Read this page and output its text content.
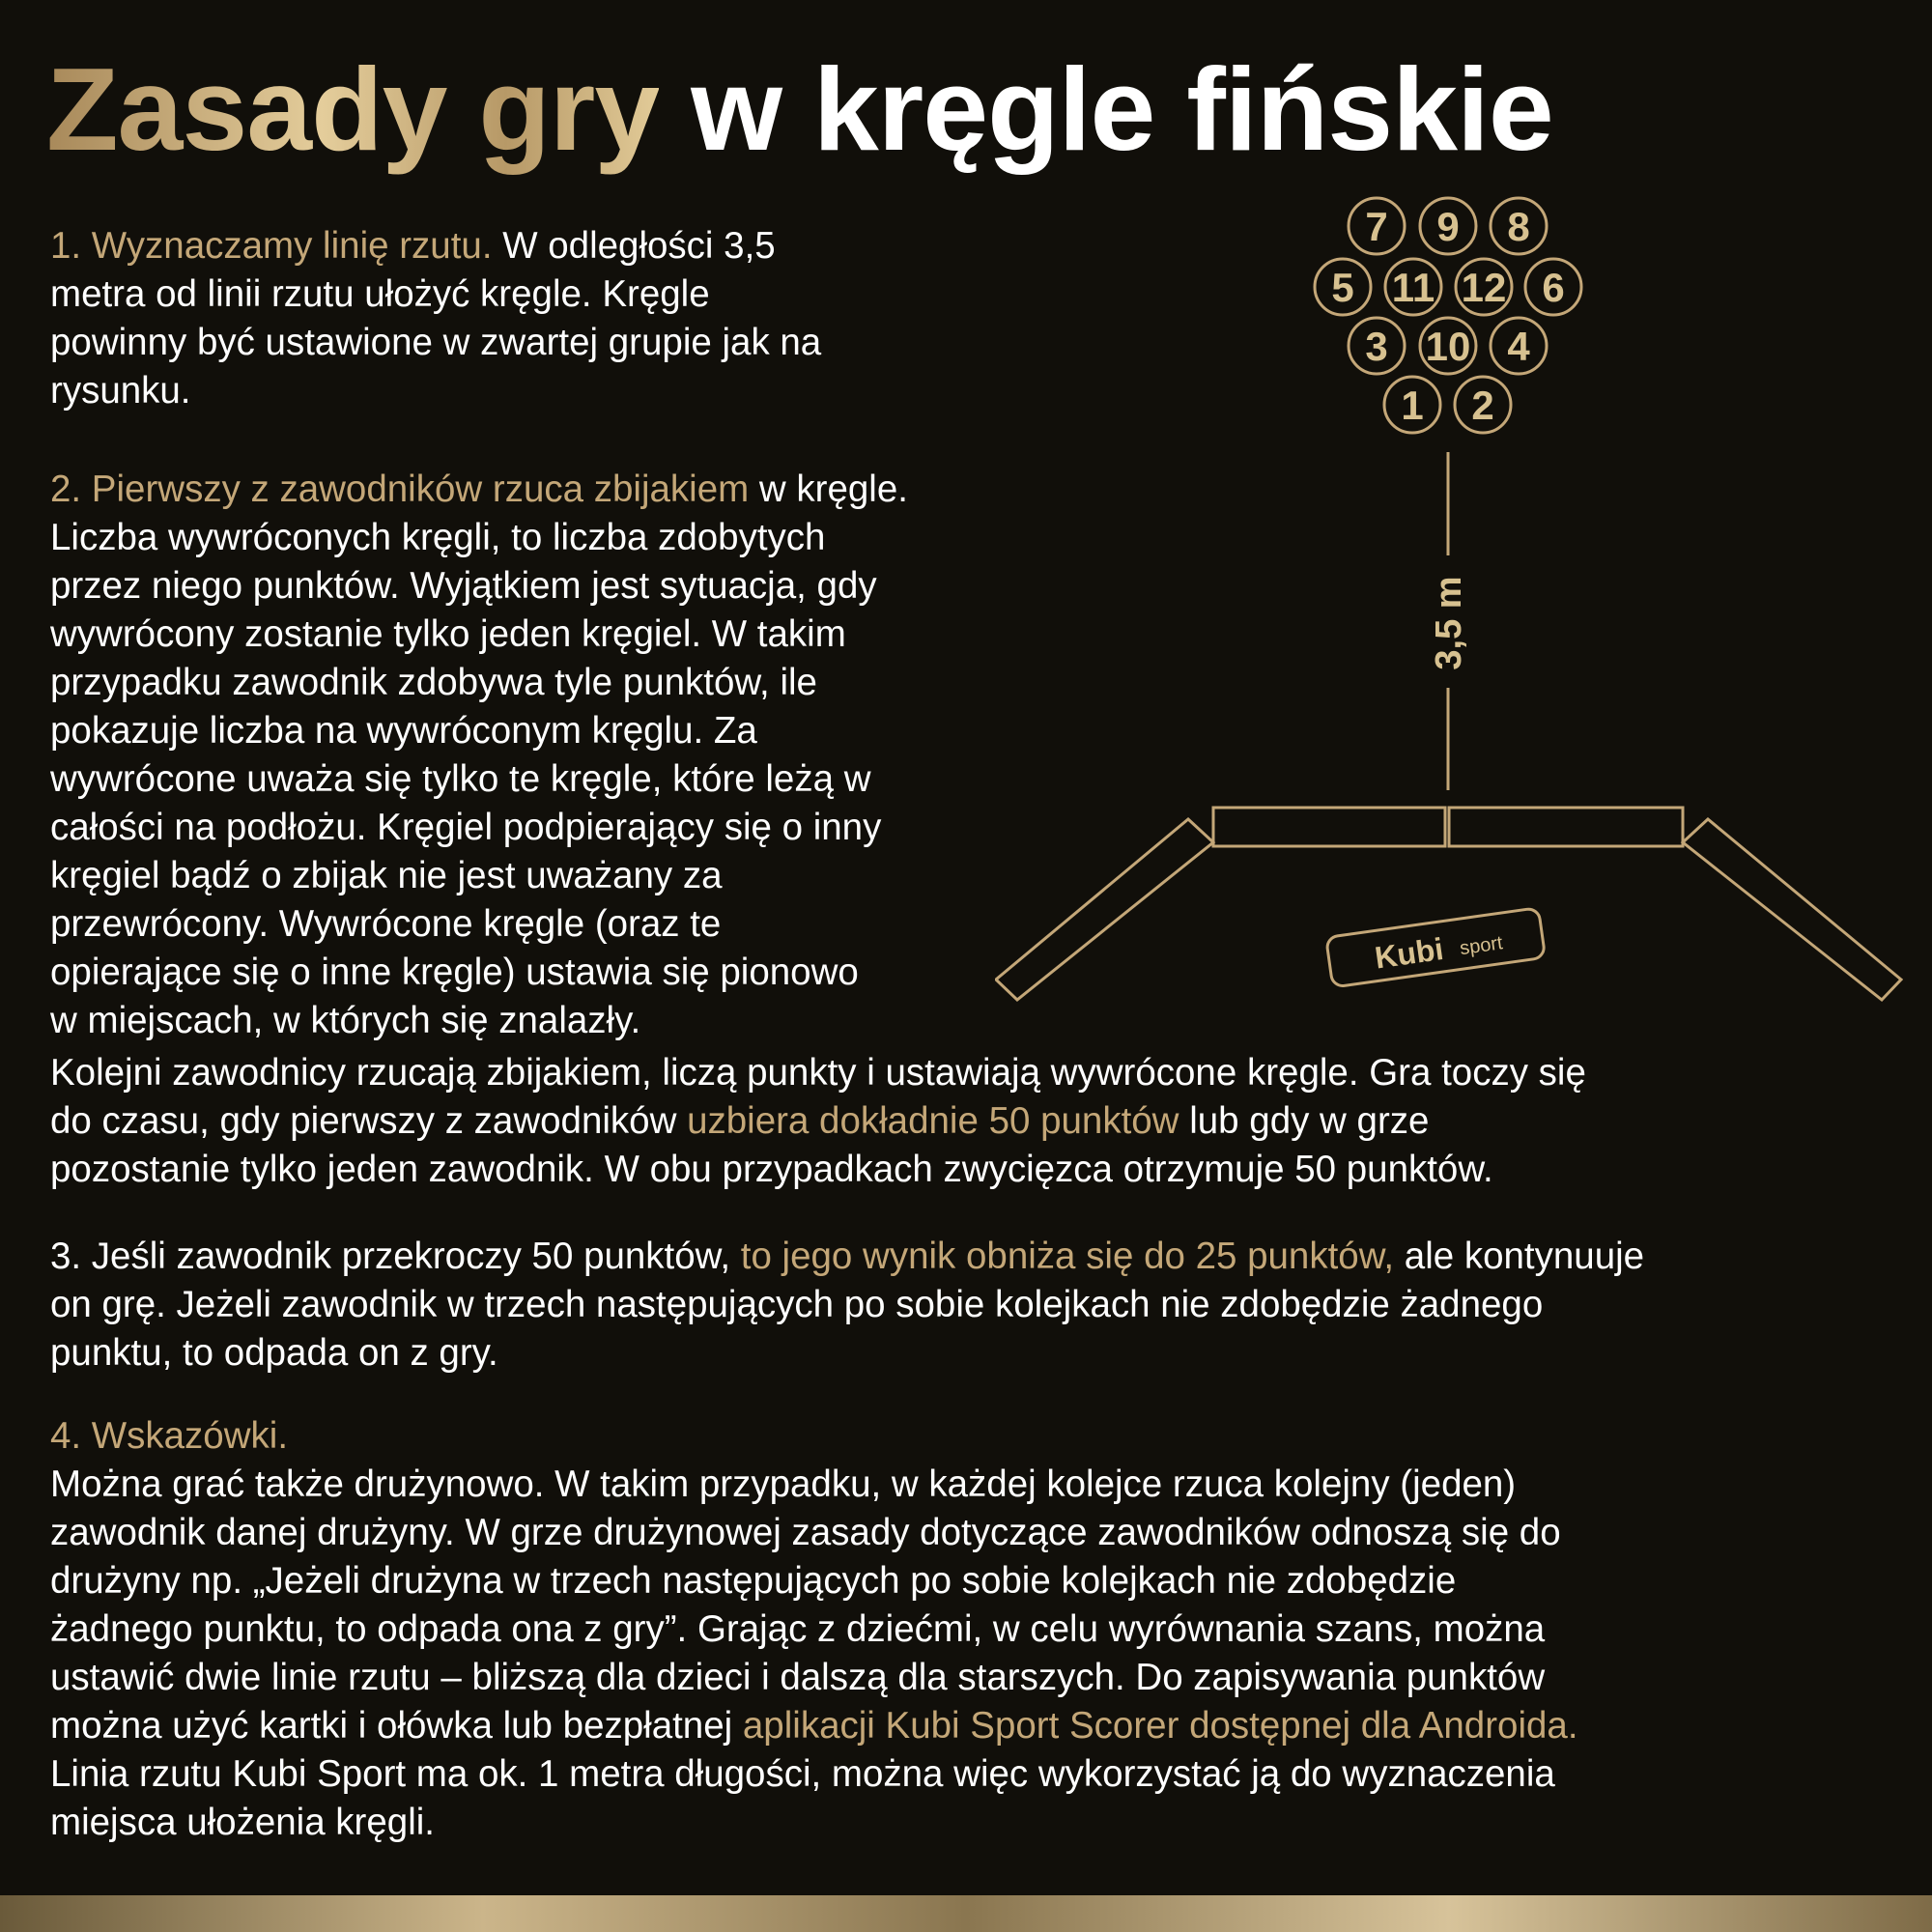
Zasady gry w kręgle fińskie

1. Wyznaczamy linię rzutu. W odległości 3,5
metra od linii rzutu ułożyć kręgle. Kręgle
powinny być ustawione w zwartej grupie jak na
rysunku.

2. Pierwszy z zawodników rzuca zbijakiem w kręgle.
Liczba wywróconych kręgli, to liczba zdobytych
przez niego punktów. Wyjątkiem jest sytuacja, gdy
wywrócony zostanie tylko jeden kręgiel. W takim
przypadku zawodnik zdobywa tyle punktów, ile
pokazuje liczba na wywróconym kręglu. Za
wywrócone uważa się tylko te kręgle, które leżą w
całości na podłożu. Kręgiel podpierający się o inny
kręgiel bądź o zbijak nie jest uważany za
przewrócony. Wywrócone kręgle (oraz te
opierające się o inne kręgle) ustawia się pionowo
w miejscach, w których się znalazły.

Kolejni zawodnicy rzucają zbijakiem, liczą punkty i ustawiają wywrócone kręgle. Gra toczy się
do czasu, gdy pierwszy z zawodników uzbiera dokładnie 50 punktów lub gdy w grze
pozostanie tylko jeden zawodnik. W obu przypadkach zwycięzca otrzymuje 50 punktów.

3. Jeśli zawodnik przekroczy 50 punktów, to jego wynik obniża się do 25 punktów, ale kontynuuje
on grę. Jeżeli zawodnik w trzech następujących po sobie kolejkach nie zdobędzie żadnego
punktu, to odpada on z gry.

4. Wskazówki.

Można grać także drużynowo. W takim przypadku, w każdej kolejce rzuca kolejny (jeden)
zawodnik danej drużyny. W grze drużynowej zasady dotyczące zawodników odnoszą się do
drużyny np. „Jeżeli drużyna w trzech następujących po sobie kolejkach nie zdobędzie
żadnego punktu, to odpada ona z gry”. Grając z dziećmi, w celu wyrównania szans, można
ustawić dwie linie rzutu – bliższą dla dzieci i dalszą dla starszych. Do zapisywania punktów
można użyć kartki i ołówka lub bezpłatnej aplikacji Kubi Sport Scorer dostępnej dla Androida.
Linia rzutu Kubi Sport ma ok. 1 metra długości, można więc wykorzystać ją do wyznaczenia
miejsca ułożenia kręgli.

7 9 8
5 11 12 6
3 10 4
1 2
3,5 m
Kubi sport
